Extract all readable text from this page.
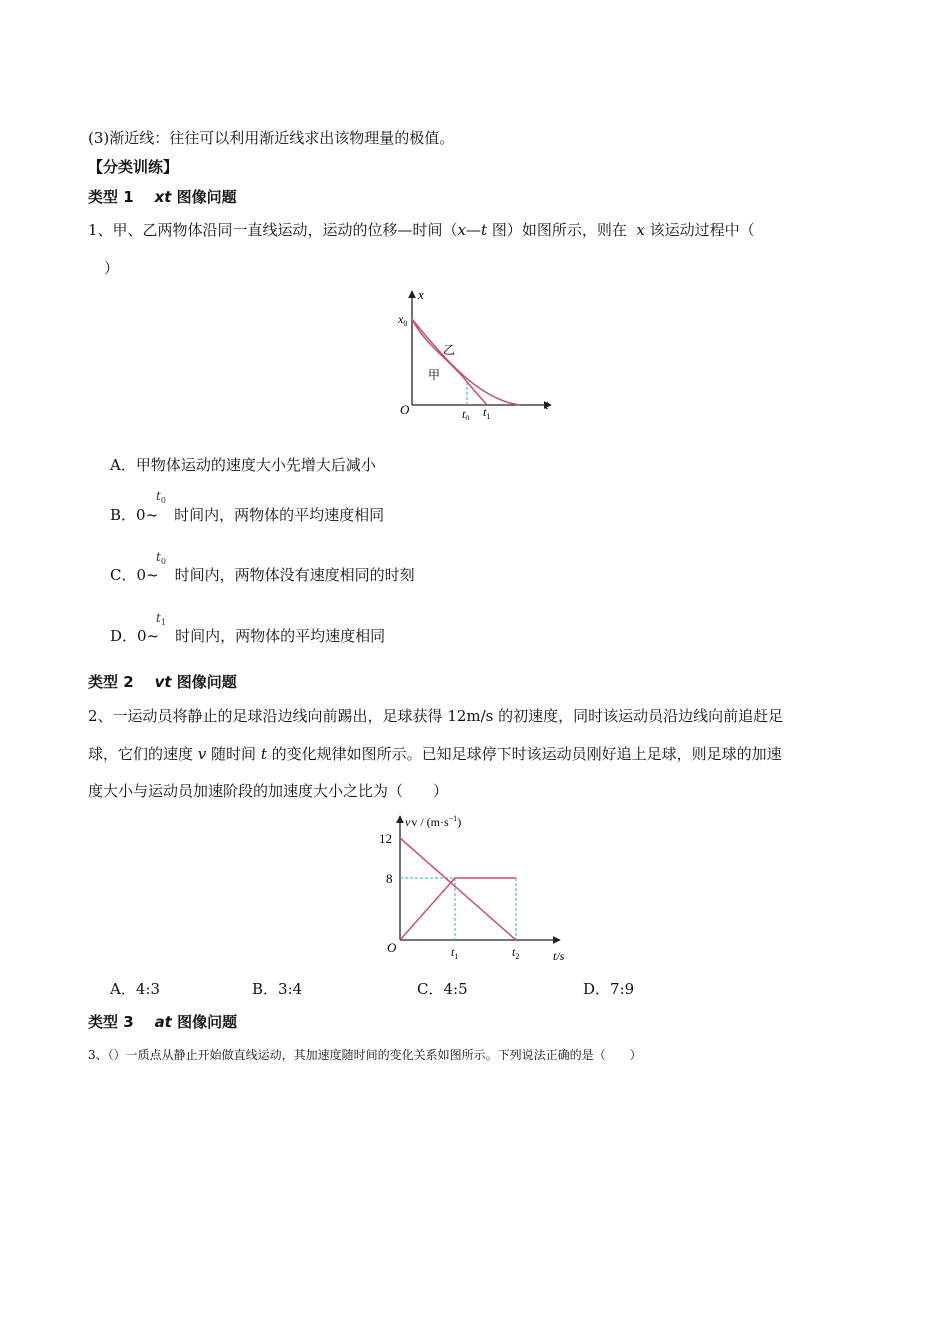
(3)渐近线：往往可以利用渐近线求出该物理量的极值。
【分类训练】
类型 1 xt 图像问题
1、甲、乙两物体沿同一直线运动，运动的位移—时间（x—t 图）如图所示，则在 x 该运动过程中（
）
x
t
O
$x_0$
乙
甲
$t_0$ $t_1$
A．甲物体运动的速度大小先增大后减小
B．0~ 时间内，两物体的平均速度相同
$t_0$
C．0~ 时间内，两物体没有速度相同的时刻
$t_0$
D．0~ 时间内，两物体的平均速度相同
$t_1$
类型 2 vt 图像问题
2、一运动员将静止的足球沿边线向前踢出，足球获得 12m/s 的初速度，同时该运动员沿边线向前追赶足
球，它们的速度 v 随时间 t 的变化规律如图所示。已知足球停下时该运动员刚好追上足球，则足球的加速
度大小与运动员加速阶段的加速度大小之比为（　　）
vv / $(m\cdot s^{-1})$
12
8
O	$t_1$	$t_2$	t/s
A．4:3	B．3:4	C．4:5	D．7:9
类型 3 at 图像问题
3、（）一质点从静止开始做直线运动，其加速度随时间的变化关系如图所示。下列说法正确的是（　　）
